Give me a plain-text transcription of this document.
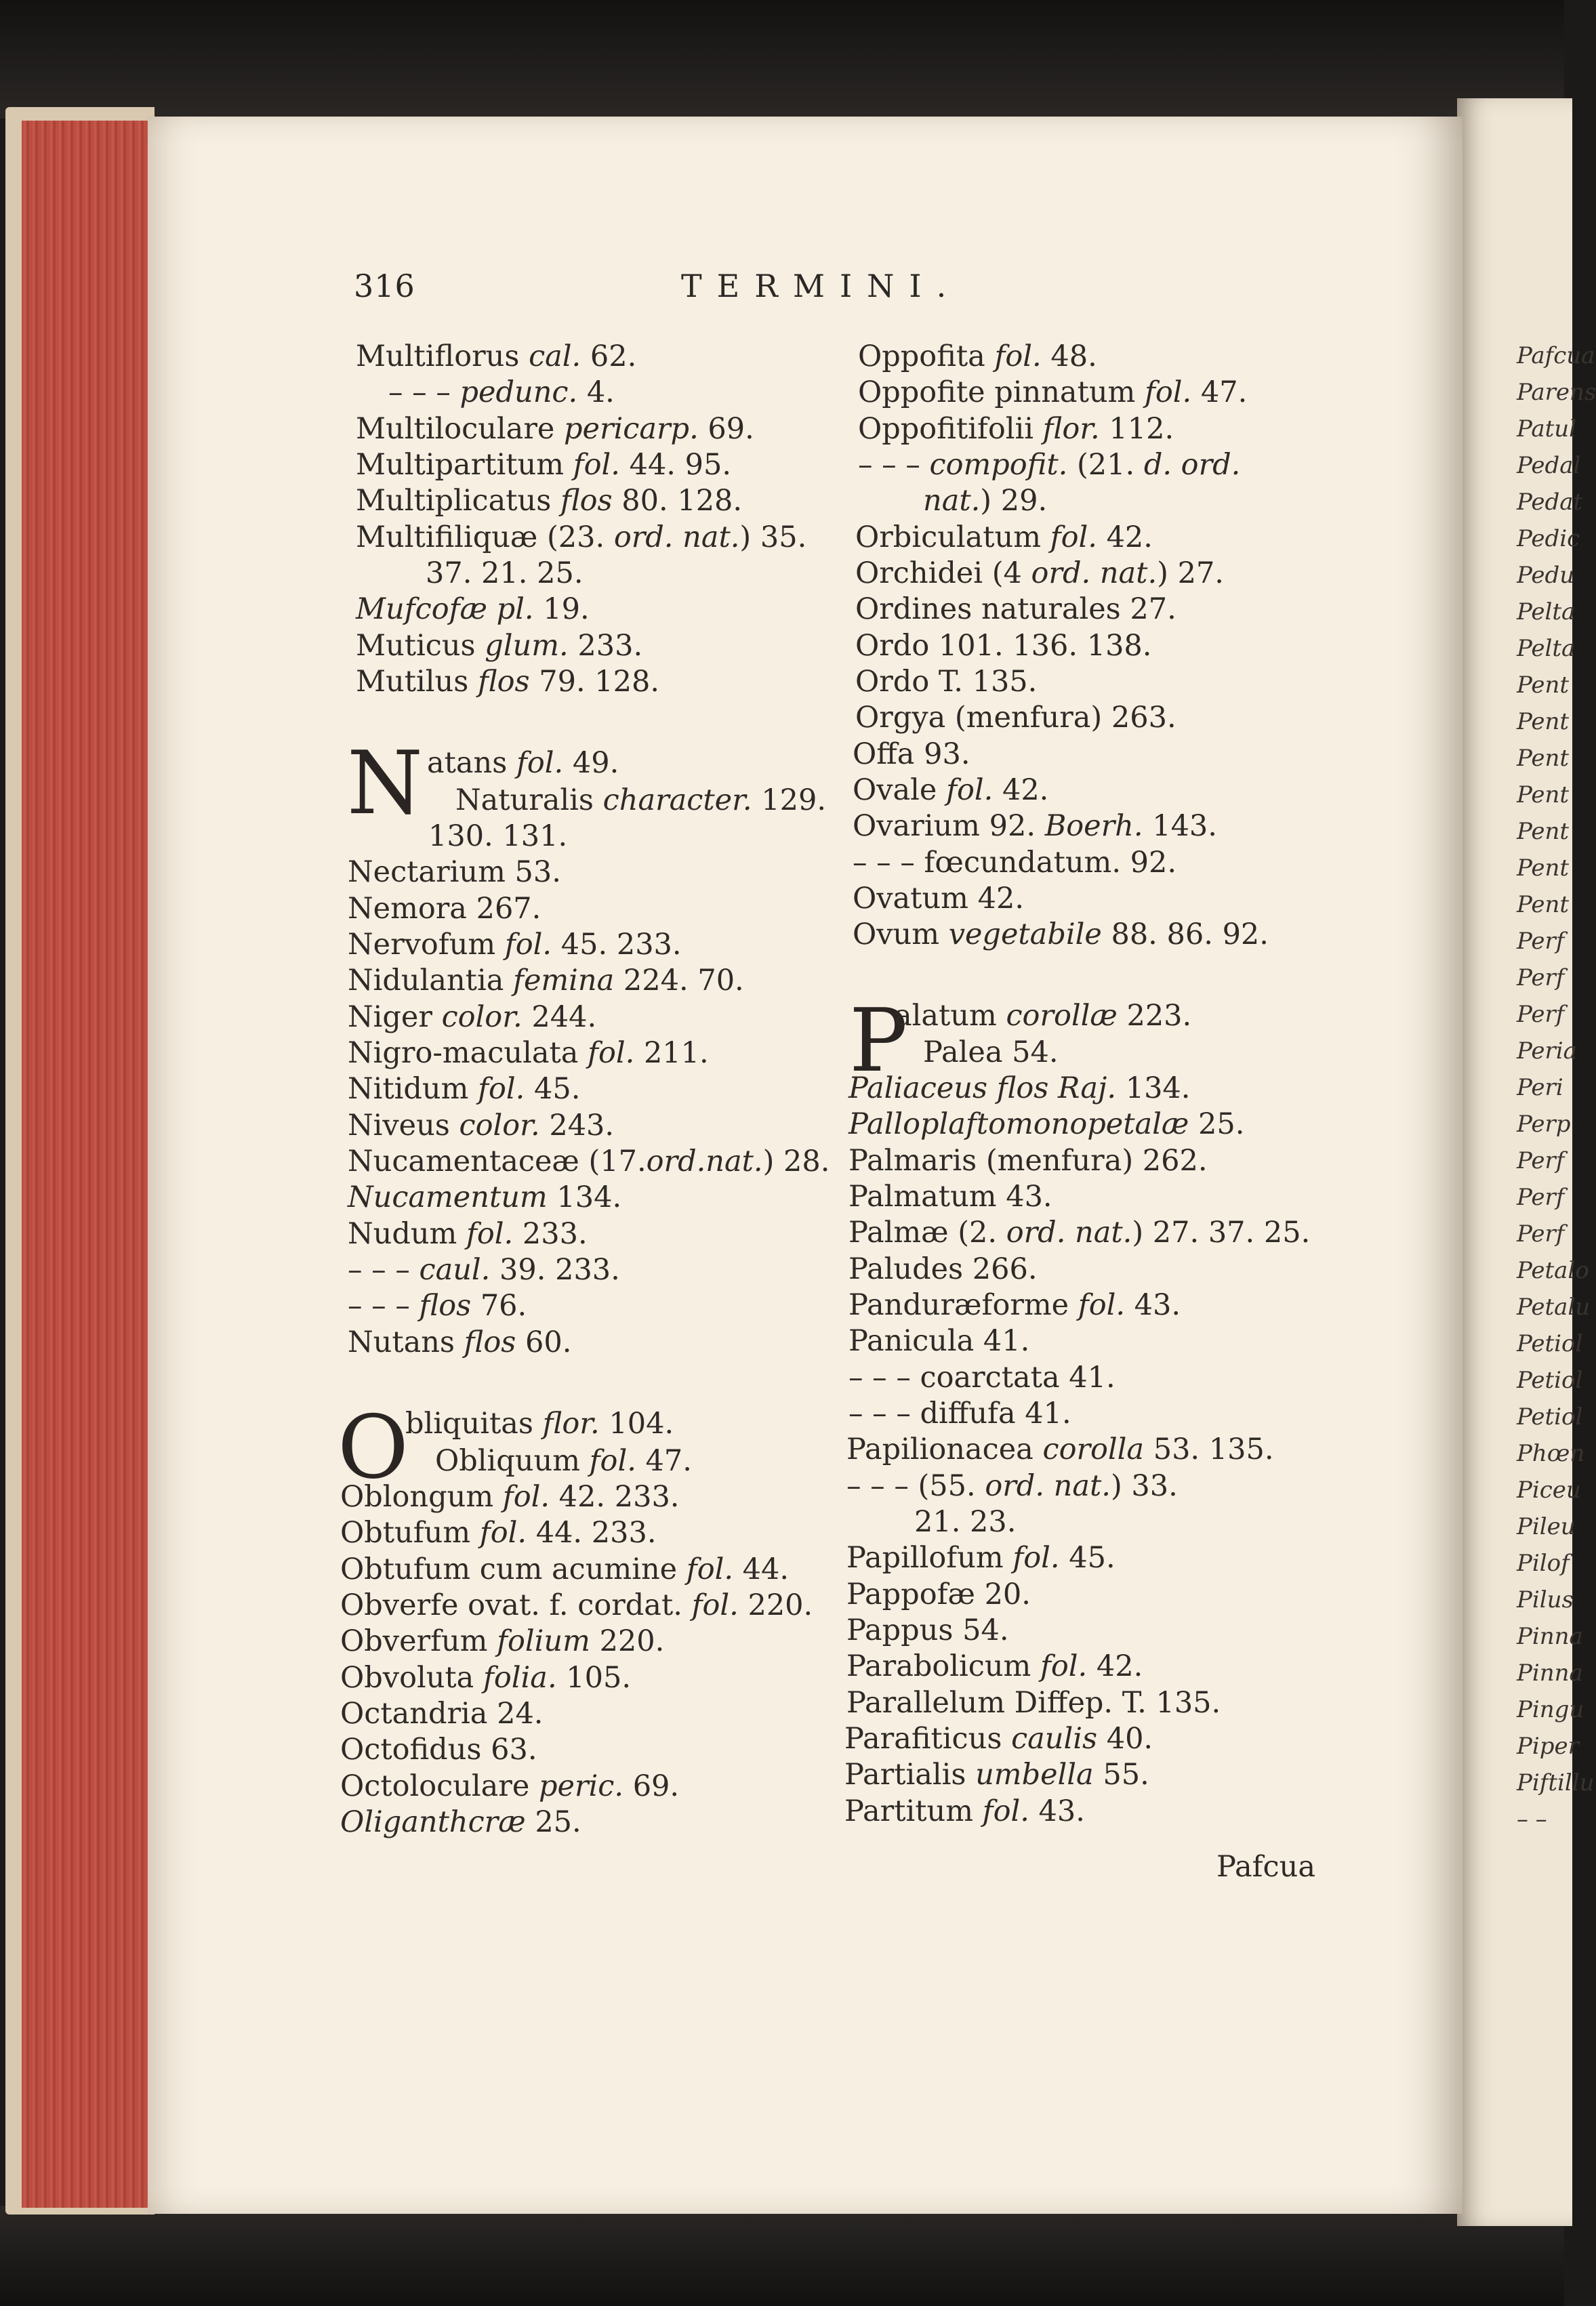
316	TERMINI.
N
O
P
Multiflorus cal. 62.
– – – pedunc. 4.
Multiloculare pericarp. 69.
Multipartitum fol. 44. 95.
Multiplicatus flos 80. 128.
Multifiliquæ (23. ord. nat.) 35.
37. 21. 25.
Mufcofæ pl. 19.
Muticus glum. 233.
Mutilus flos 79. 128.
atans fol. 49.
Naturalis character. 129.
130. 131.
Nectarium 53.
Nemora 267.
Nervofum fol. 45. 233.
Nidulantia femina 224. 70.
Niger color. 244.
Nigro-maculata fol. 211.
Nitidum fol. 45.
Niveus color. 243.
Nucamentaceæ (17.ord.nat.) 28.
Nucamentum 134.
Nudum fol. 233.
– – – caul. 39. 233.
– – – flos 76.
Nutans flos 60.
bliquitas flor. 104.
Obliquum fol. 47.
Oblongum fol. 42. 233.
Obtufum fol. 44. 233.
Obtufum cum acumine fol. 44.
Obverfe ovat. f. cordat. fol. 220.
Obverfum folium 220.
Obvoluta folia. 105.
Octandria 24.
Octofidus 63.
Octoloculare peric. 69.
Oliganthcræ 25.
Oppofita fol. 48.
Oppofite pinnatum fol. 47.
Oppofitifolii flor. 112.
– – – compofit. (21. d. ord.
nat.) 29.
Orbiculatum fol. 42.
Orchidei (4 ord. nat.) 27.
Ordines naturales 27.
Ordo 101. 136. 138.
Ordo T. 135.
Orgya (menfura) 263.
Offa 93.
Ovale fol. 42.
Ovarium 92. Boerh. 143.
– – – fœcundatum. 92.
Ovatum 42.
Ovum vegetabile 88. 86. 92.
alatum corollæ 223.
Palea 54.
Paliaceus flos Raj. 134.
Palloplaftomonopetalæ 25.
Palmaris (menfura) 262.
Palmatum 43.
Palmæ (2. ord. nat.) 27. 37. 25.
Paludes 266.
Panduræforme fol. 43.
Panicula 41.
– – – coarctata 41.
– – – diffufa 41.
Papilionacea corolla 53. 135.
– – – (55. ord. nat.) 33.
21. 23.
Papillofum fol. 45.
Pappofæ 20.
Pappus 54.
Parabolicum fol. 42.
Parallelum Diffep. T. 135.
Parafiticus caulis 40.
Partialis umbella 55.
Partitum fol. 43.
Pafcua
Pafcua
Parens
Patul
Pedal
Pedat
Pedic
Pedu
Pelta
Pelta
Pent
Pent
Pent
Pent
Pent
Pent
Pent
Perf
Perf
Perf
Peria
Peri
Perp
Perf
Perf
Perf
Petalo
Petalu
Petiol
Petiol
Petiol
Phœn
Piceu
Pileu
Pilof
Pilus
Pinna
Pinna
Pingu
Piper
Piftillu
– –
